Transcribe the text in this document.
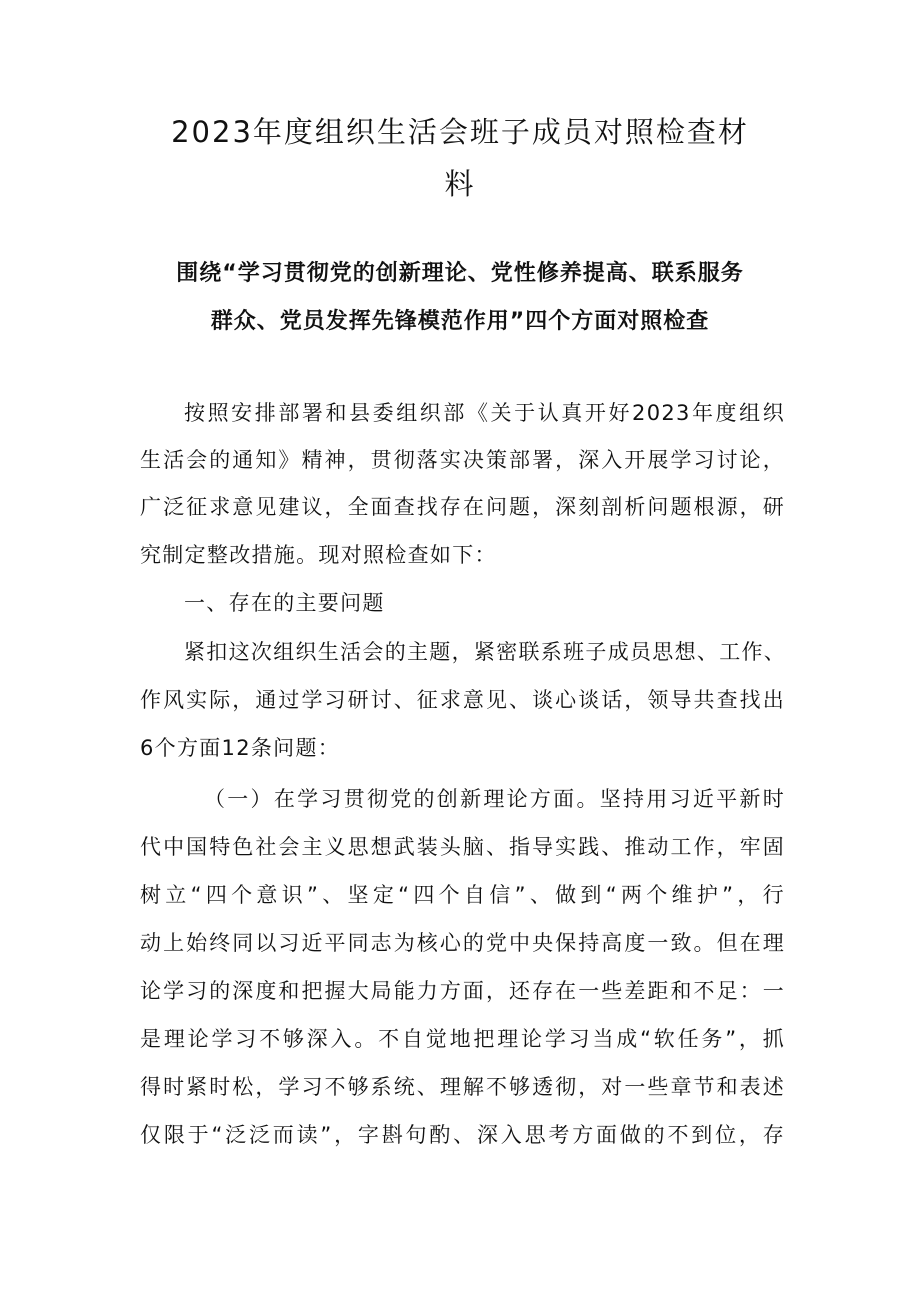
2023年度组织生活会班子成员对照检查材
料
围绕“学习贯彻党的创新理论、党性修养提高、联系服务
群众、党员发挥先锋模范作用”四个方面对照检查
按照安排部署和县委组织部《关于认真开好2023年度组织
生活会的通知》精神，贯彻落实决策部署，深入开展学习讨论，
广泛征求意见建议，全面查找存在问题，深刻剖析问题根源，研
究制定整改措施。现对照检查如下：
一、存在的主要问题
紧扣这次组织生活会的主题，紧密联系班子成员思想、工作、
作风实际，通过学习研讨、征求意见、谈心谈话，领导共查找出
6个方面12条问题：
（一）在学习贯彻党的创新理论方面。坚持用习近平新时
代中国特色社会主义思想武装头脑、指导实践、推动工作，牢固
树立“四个意识”、坚定“四个自信”、做到“两个维护”，行
动上始终同以习近平同志为核心的党中央保持高度一致。但在理
论学习的深度和把握大局能力方面，还存在一些差距和不足：一
是理论学习不够深入。不自觉地把理论学习当成“软任务”，抓
得时紧时松，学习不够系统、理解不够透彻，对一些章节和表述
仅限于“泛泛而读”，字斟句酌、深入思考方面做的不到位，存
